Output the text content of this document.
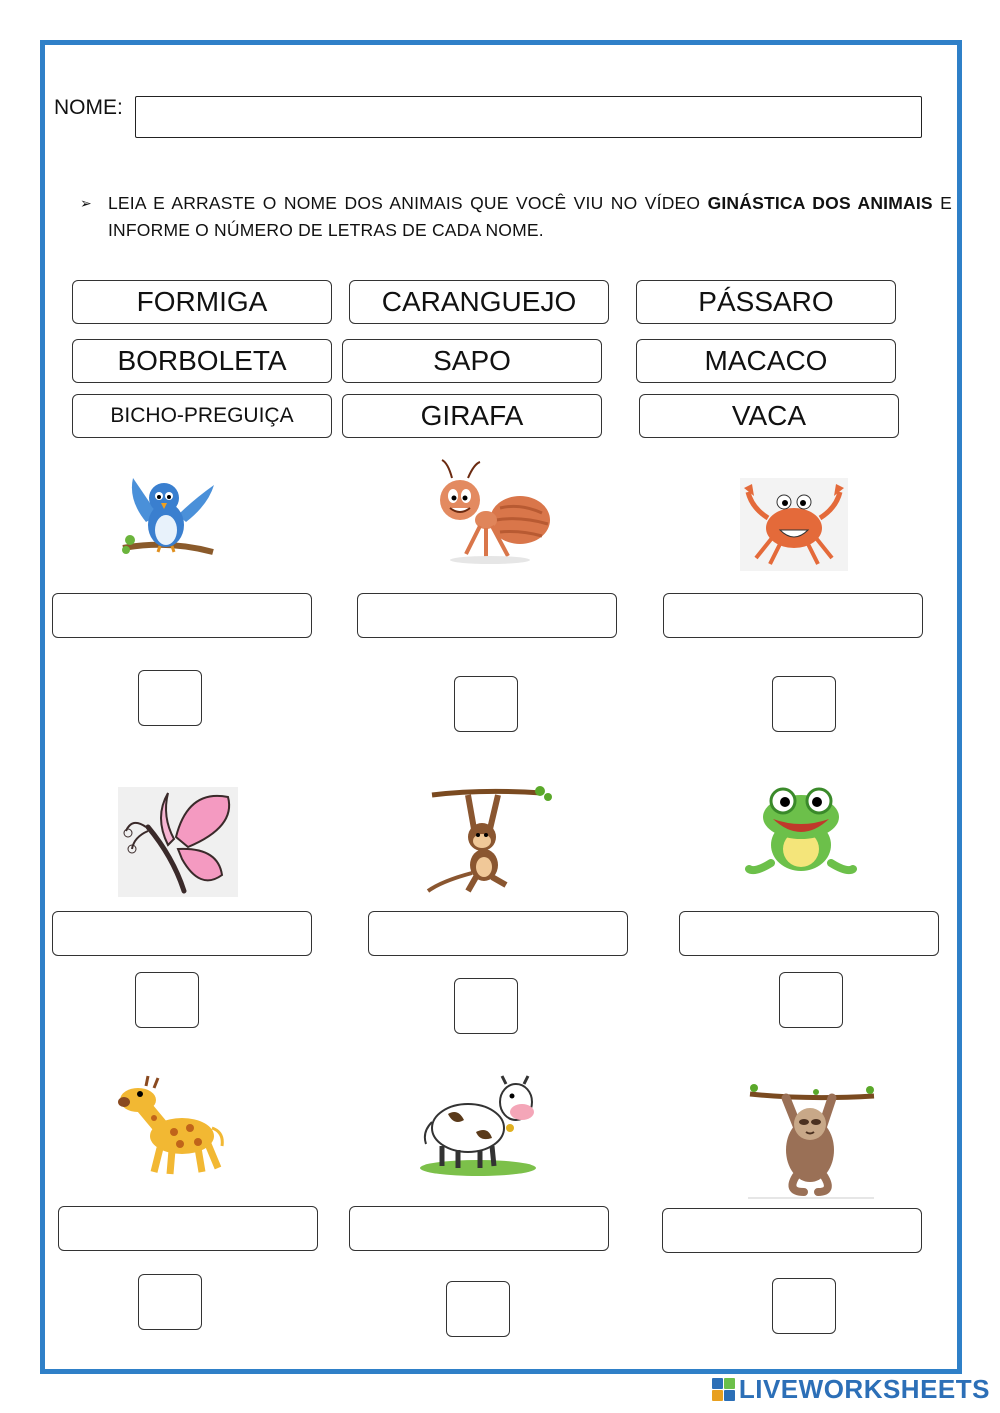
NOME:
➢ LEIA E ARRASTE O NOME DOS ANIMAIS QUE VOCÊ VIU NO VÍDEO GINÁSTICA DOS ANIMAIS E INFORME O NÚMERO DE LETRAS DE CADA NOME.
FORMIGA	CARANGUEJO	PÁSSARO
BORBOLETA	SAPO	MACACO
BICHO-PREGUIÇA	GIRAFA	VACA
LIVEWORKSHEETS
